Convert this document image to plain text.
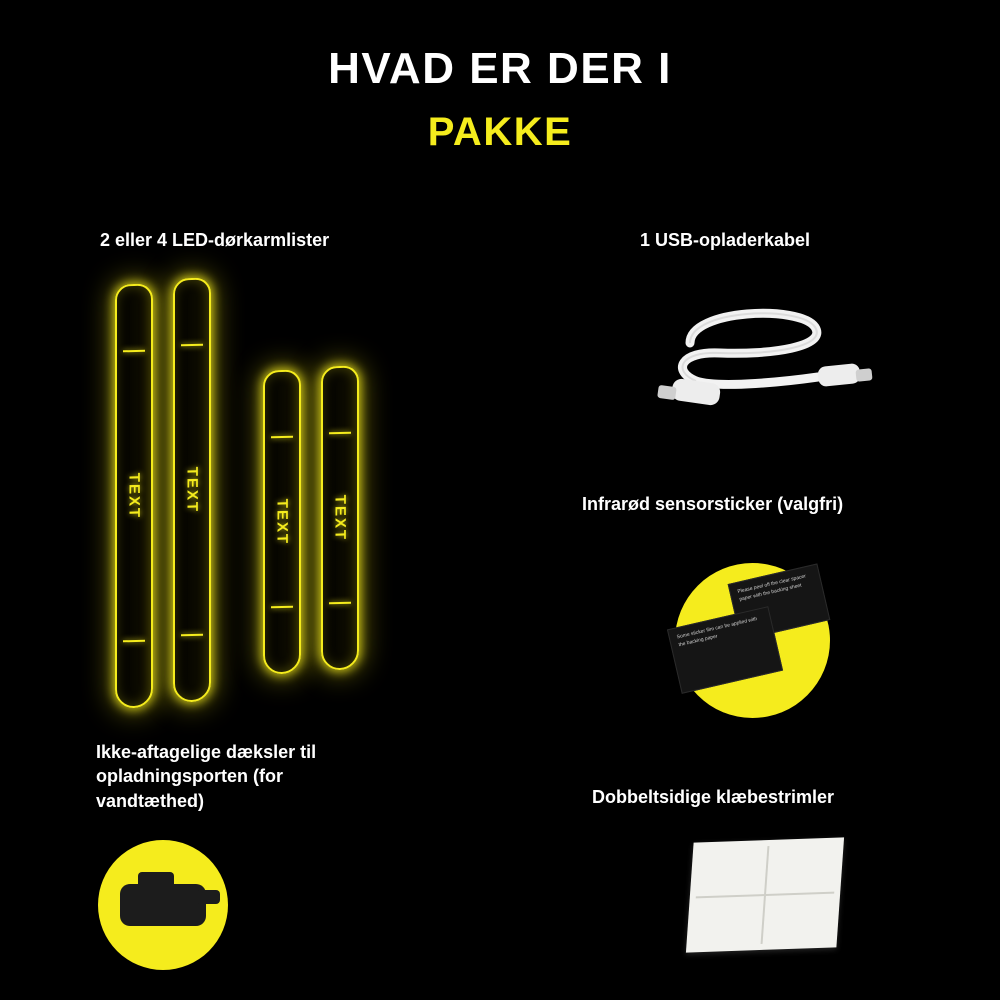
HVAD ER DER I
PAKKE
2 eller 4 LED-dørkarmlister
TEXT	TEXT
TEXT	TEXT
1 USB-opladerkabel
Infrarød sensorsticker (valgfri)
Please peel off the clear spacer paper with the backing sheet
Some sticker film can be applied with the backing paper
Ikke-aftagelige dæksler til opladningsporten (for vandtæthed)	Dobbeltsidige klæbestrimler
